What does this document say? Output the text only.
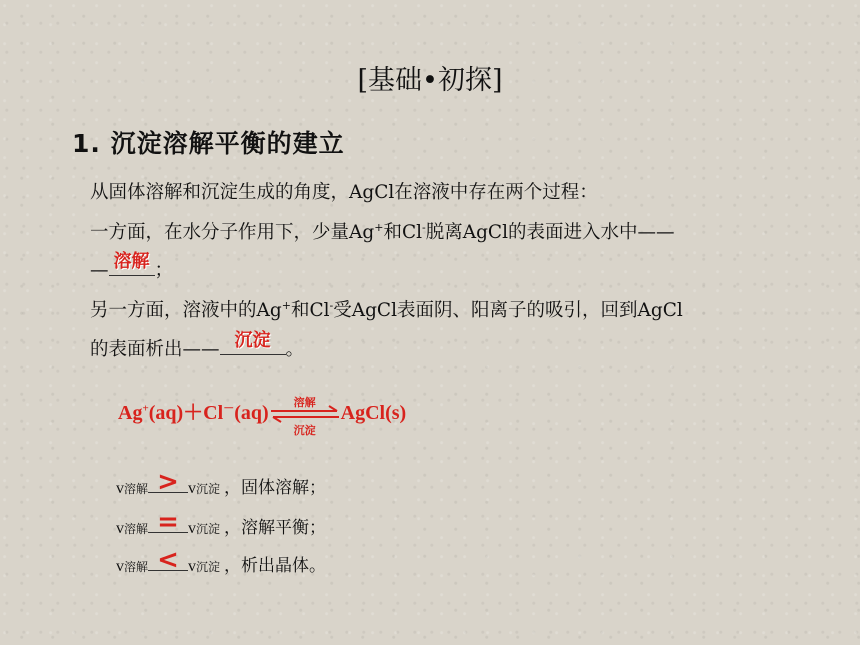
[基础•初探]
1. 沉淀溶解平衡的建立
从固体溶解和沉淀生成的角度，AgCl在溶液中存在两个过程：
一方面，在水分子作用下，少量Ag+和Cl-脱离AgCl的表面进入水中——
— 溶解 ；
另一方面，溶液中的Ag+和Cl-受AgCl表面阴、阳离子的吸引，回到AgCl
的表面析出—— 沉淀 。
Ag+(aq)＋Cl－(aq)	溶解
沉淀
AgCl(s)
v溶解 > v沉淀 ，固体溶解；
v溶解 = v沉淀 ，溶解平衡；
v溶解 < v沉淀 ，析出晶体。
